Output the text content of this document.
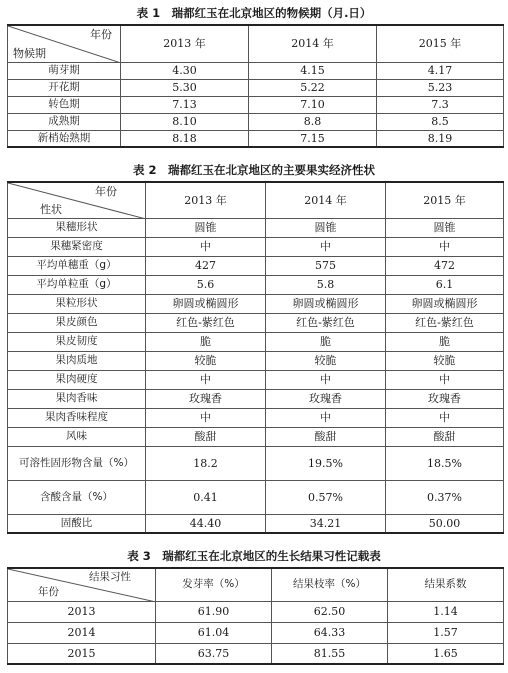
表 1　瑞都红玉在北京地区的物候期（月.日）
年份
物候期	2013 年	2014 年	2015 年
萌芽期	4.30	4.15	4.17
开花期	5.30	5.22	5.23
转色期	7.13	7.10	7.3
成熟期	8.10	8.8	8.5
新梢始熟期	8.18	7.15	8.19
表 2　瑞都红玉在北京地区的主要果实经济性状
年份
性状	2013 年	2014 年	2015 年
果穗形状	圆锥	圆锥	圆锥
果穗紧密度	中	中	中
平均单穗重（g）	427	575	472
平均单粒重（g）	5.6	5.8	6.1
果粒形状	卵圆或椭圆形	卵圆或椭圆形	卵圆或椭圆形
果皮颜色	红色-紫红色	红色-紫红色	红色-紫红色
果皮韧度	脆	脆	脆
果肉质地	较脆	较脆	较脆
果肉硬度	中	中	中
果肉香味	玫瑰香	玫瑰香	玫瑰香
果肉香味程度	中	中	中
风味	酸甜	酸甜	酸甜
可溶性固形物含量（%）	18.2	19.5%	18.5%
含酸含量（%）	0.41	0.57%	0.37%
固酸比	44.40	34.21	50.00
表 3　瑞都红玉在北京地区的生长结果习性记载表
结果习性
年份	发芽率（%）	结果枝率（%）	结果系数
2013	61.90	62.50	1.14
2014	61.04	64.33	1.57
2015	63.75	81.55	1.65
